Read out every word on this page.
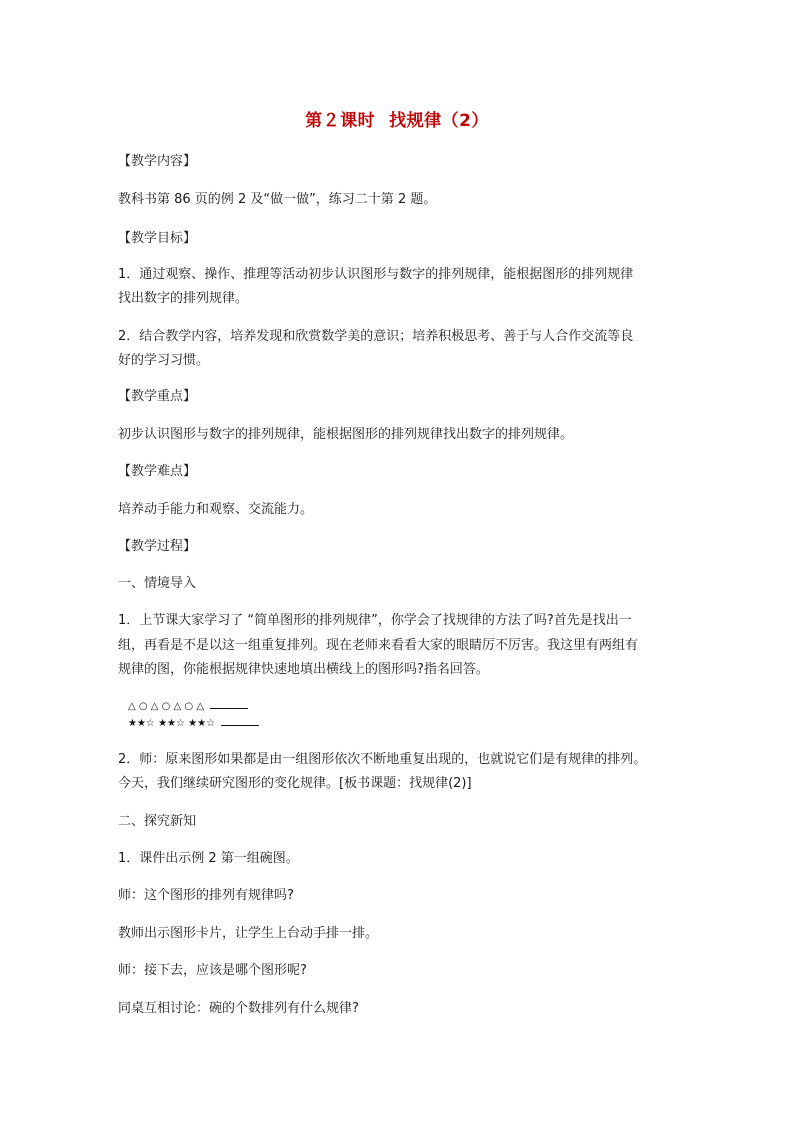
第２课时 找规律（2）
【教学内容】
教科书第 86 页的例 2 及“做一做”，练习二十第 2 题。
【教学目标】
1．通过观察、操作、推理等活动初步认识图形与数字的排列规律，能根据图形的排列规律
找出数字的排列规律。
2．结合教学内容，培养发现和欣赏数学美的意识；培养积极思考、善于与人合作交流等良
好的学习习惯。
【教学重点】
初步认识图形与数字的排列规律，能根据图形的排列规律找出数字的排列规律。
【教学难点】
培养动手能力和观察、交流能力。
【教学过程】
一、情境导入
1．上节课大家学习了 “简单图形的排列规律”，你学会了找规律的方法了吗?首先是找出一
组，再看是不是以这一组重复排列。现在老师来看看大家的眼睛厉不厉害。我这里有两组有
规律的图，你能根据规律快速地填出横线上的图形吗?指名回答。
△ ○ △ ○ △ ○ △
★★☆ ★★☆ ★★☆
2．师：原来图形如果都是由一组图形依次不断地重复出现的，也就说它们是有规律的排列。
今天，我们继续研究图形的变化规律。[板书课题：找规律(2)]
二、探究新知
1．课件出示例 2 第一组碗图。
师：这个图形的排列有规律吗?
教师出示图形卡片，让学生上台动手排一排。
师：接下去，应该是哪个图形呢?
同桌互相讨论：碗的个数排列有什么规律?
